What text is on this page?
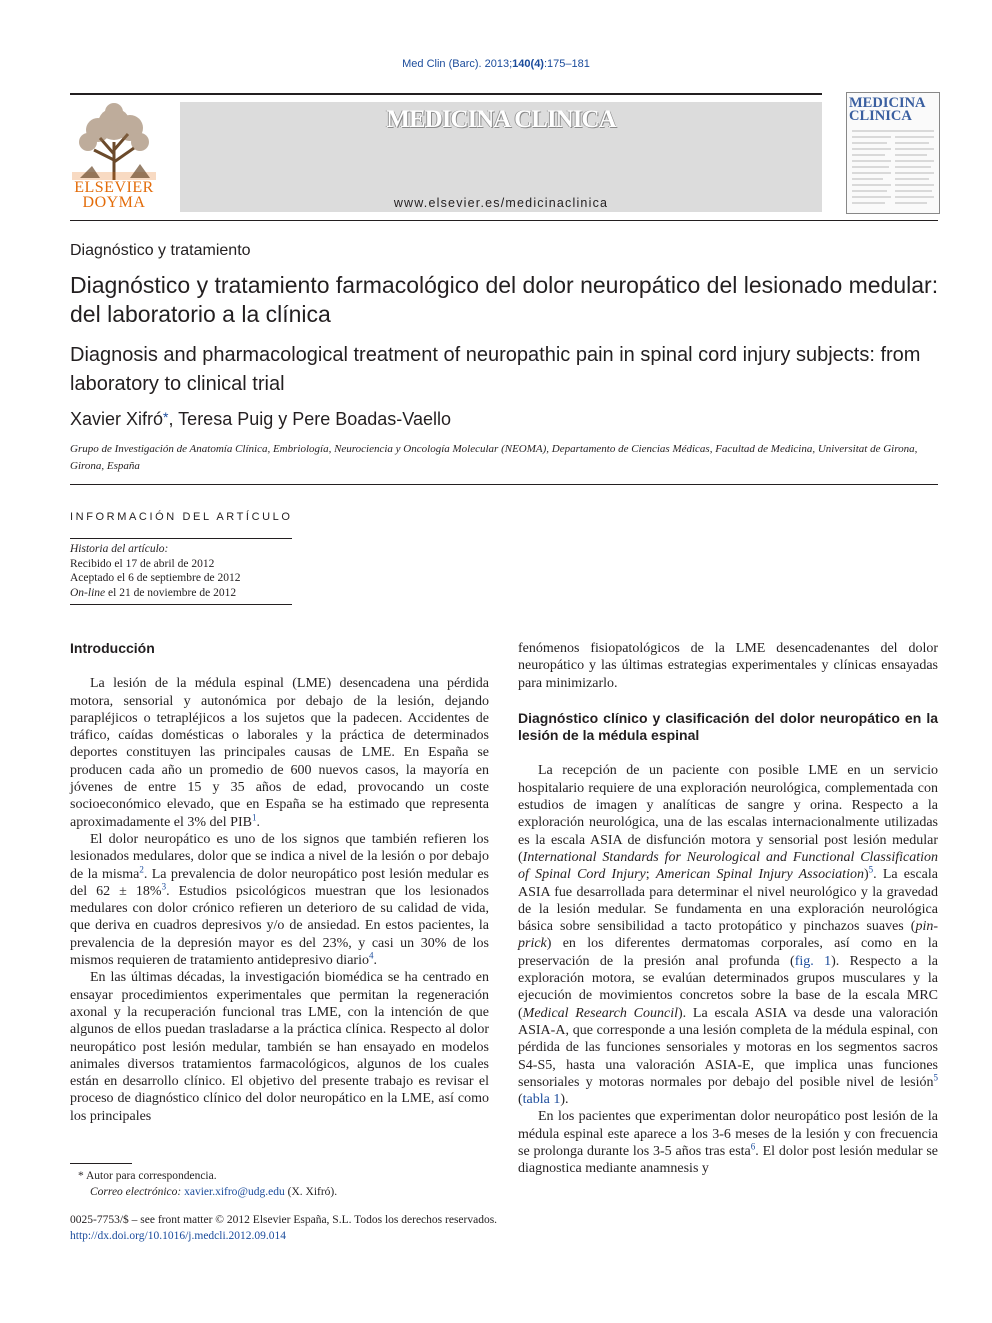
Med Clin (Barc). 2013;140(4):175–181
ELSEVIER
DOYMA
MEDICINA CLINICA
www.elsevier.es/medicinaclinica
MEDICINA
CLINICA
Diagnóstico y tratamiento
Diagnóstico y tratamiento farmacológico del dolor neuropático del lesionado medular: del laboratorio a la clínica
Diagnosis and pharmacological treatment of neuropathic pain in spinal cord injury subjects: from laboratory to clinical trial
Xavier Xifró*, Teresa Puig y Pere Boadas-Vaello
Grupo de Investigación de Anatomía Clínica, Embriología, Neurociencia y Oncología Molecular (NEOMA), Departamento de Ciencias Médicas, Facultad de Medicina, Universitat de Girona, Girona, España
INFORMACIÓN DEL ARTÍCULO
Historia del artículo:
Recibido el 17 de abril de 2012
Aceptado el 6 de septiembre de 2012
On-line el 21 de noviembre de 2012
Introducción

La lesión de la médula espinal (LME) desencadena una pérdida motora, sensorial y autonómica por debajo de la lesión, dejando parapléjicos o tetrapléjicos a los sujetos que la padecen. Accidentes de tráfico, caídas domésticas o laborales y la práctica de determinados deportes constituyen las principales causas de LME. En España se producen cada año un promedio de 600 nuevos casos, la mayoría en jóvenes de entre 15 y 35 años de edad, provocando un coste socioeconómico elevado, que en España se ha estimado que representa aproximadamente el 3% del PIB$^1$.

El dolor neuropático es uno de los signos que también refieren los lesionados medulares, dolor que se indica a nivel de la lesión o por debajo de la misma$^2$. La prevalencia de dolor neuropático post lesión medular es del 62 ± 18%$^3$. Estudios psicológicos muestran que los lesionados medulares con dolor crónico refieren un deterioro de su calidad de vida, que deriva en cuadros depresivos y/o de ansiedad. En estos pacientes, la prevalencia de la depresión mayor es del 23%, y casi un 30% de los mismos requieren de tratamiento antidepresivo diario$^4$.

En las últimas décadas, la investigación biomédica se ha centrado en ensayar procedimientos experimentales que permitan la regeneración axonal y la recuperación funcional tras LME, con la intención de que algunos de ellos puedan trasladarse a la práctica clínica. Respecto al dolor neuropático post lesión medular, también se han ensayado en modelos animales diversos tratamientos farmacológicos, algunos de los cuales están en desarrollo clínico. El objetivo del presente trabajo es revisar el proceso de diagnóstico clínico del dolor neuropático en la LME, así como los principales

fenómenos fisiopatológicos de la LME desencadenantes del dolor neuropático y las últimas estrategias experimentales y clínicas ensayadas para minimizarlo.

Diagnóstico clínico y clasificación del dolor neuropático en la lesión de la médula espinal

La recepción de un paciente con posible LME en un servicio hospitalario requiere de una exploración neurológica, complementada con estudios de imagen y analíticas de sangre y orina. Respecto a la exploración neurológica, una de las escalas internacionalmente utilizadas es la escala ASIA de disfunción motora y sensorial post lesión medular (International Standards for Neurological and Functional Classification of Spinal Cord Injury; American Spinal Injury Association)$^5$. La escala ASIA fue desarrollada para determinar el nivel neurológico y la gravedad de la lesión medular. Se fundamenta en una exploración neurológica básica sobre sensibilidad a tacto protopático y pinchazos suaves (pin-prick) en los diferentes dermatomas corporales, así como en la preservación de la presión anal profunda (fig. 1). Respecto a la exploración motora, se evalúan determinados grupos musculares y la ejecución de movimientos concretos sobre la base de la escala MRC (Medical Research Council). La escala ASIA va desde una valoración ASIA-A, que corresponde a una lesión completa de la médula espinal, con pérdida de las funciones sensoriales y motoras en los segmentos sacros S4-S5, hasta una valoración ASIA-E, que implica unas funciones sensoriales y motoras normales por debajo del posible nivel de lesión$^5$ (tabla 1).

En los pacientes que experimentan dolor neuropático post lesión de la médula espinal este aparece a los 3-6 meses de la lesión y con frecuencia se prolonga durante los 3-5 años tras esta$^6$. El dolor post lesión medular se diagnostica mediante anamnesis y

* Autor para correspondencia.
Correo electrónico: xavier.xifro@udg.edu (X. Xifró).
0025-7753/$ – see front matter © 2012 Elsevier España, S.L. Todos los derechos reservados.
http://dx.doi.org/10.1016/j.medcli.2012.09.014
